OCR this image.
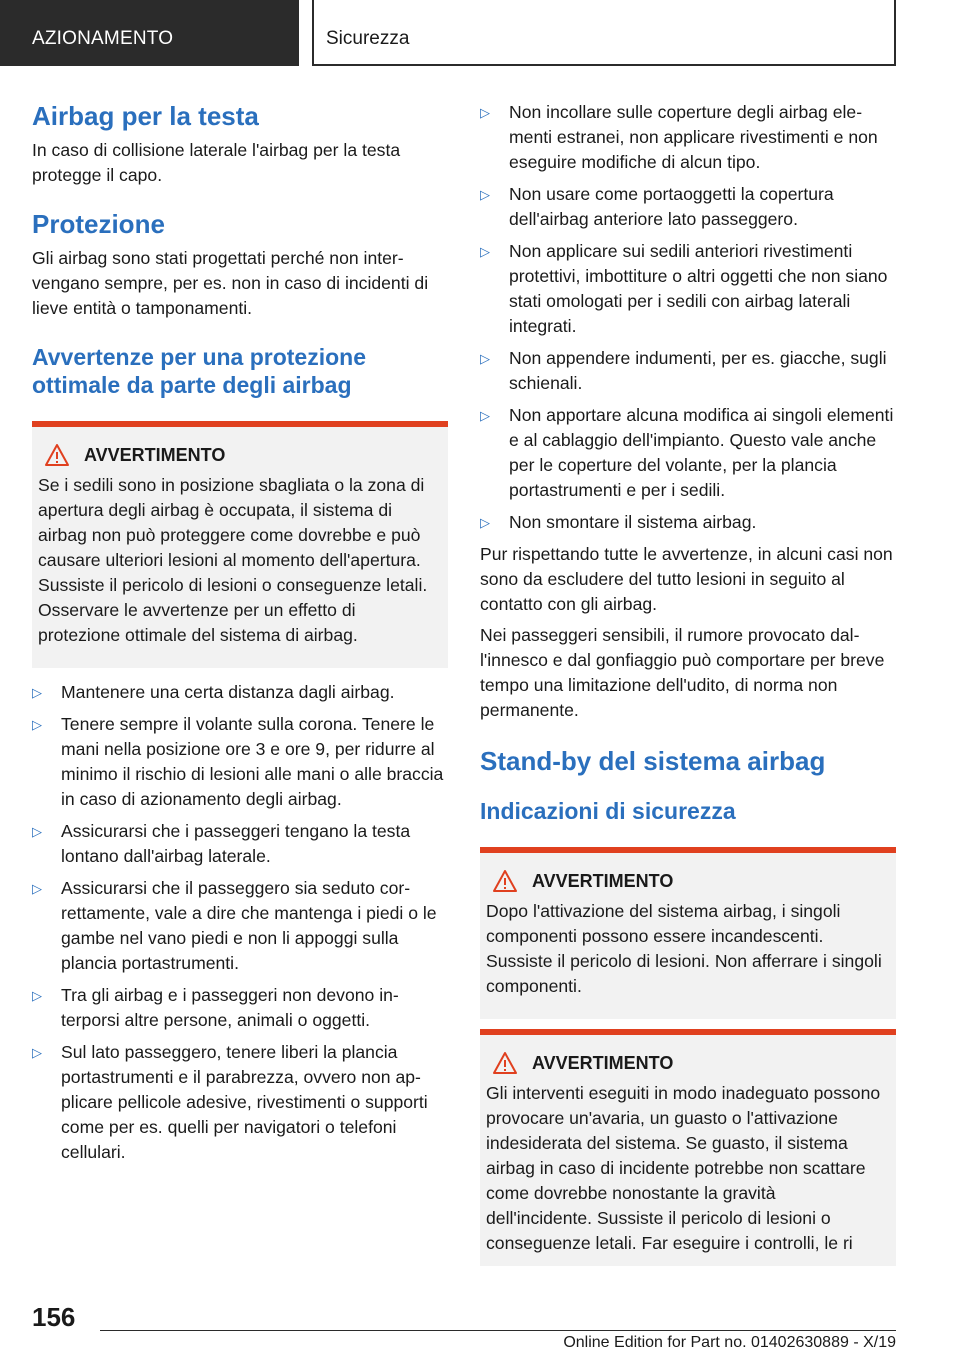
AZIONAMENTO	Sicurezza
Airbag per la testa

In caso di collisione laterale l'airbag per la testa protegge il capo.

Protezione

Gli airbag sono stati progettati perché non intervengano sempre, per es. non in caso di incidenti di lieve entità o tamponamenti.

Avvertenze per una protezione ottimale da parte degli airbag
AVVERTIMENTO

Se i sedili sono in posizione sbagliata o la zona di apertura degli airbag è occupata, il sistema di airbag non può proteggere come dovrebbe e può causare ulteriori lesioni al momento dell'apertura. Sussiste il pericolo di lesioni o conseguenze letali. Osservare le avvertenze per un effetto di protezione ottimale del sistema di airbag.

▷ Mantenere una certa distanza dagli airbag.
▷ Tenere sempre il volante sulla corona. Tenere le mani nella posizione ore 3 e ore 9, per ridurre al minimo il rischio di lesioni alle mani o alle braccia in caso di azionamento degli airbag.
▷ Assicurarsi che i passeggeri tengano la testa lontano dall'airbag laterale.
▷ Assicurarsi che il passeggero sia seduto correttamente, vale a dire che mantenga i piedi o le gambe nel vano piedi e non li appoggi sulla plancia portastrumenti.
▷ Tra gli airbag e i passeggeri non devono interporsi altre persone, animali o oggetti.
▷ Sul lato passeggero, tenere liberi la plancia portastrumenti e il parabrezza, ovvero non applicare pellicole adesive, rivestimenti o supporti come per es. quelli per navigatori o telefoni cellulari.
▷ Non incollare sulle coperture degli airbag elementi estranei, non applicare rivestimenti e non eseguire modifiche di alcun tipo.
▷ Non usare come portaoggetti la copertura dell'airbag anteriore lato passeggero.
▷ Non applicare sui sedili anteriori rivestimenti protettivi, imbottiture o altri oggetti che non siano stati omologati per i sedili con airbag laterali integrati.
▷ Non appendere indumenti, per es. giacche, sugli schienali.
▷ Non apportare alcuna modifica ai singoli elementi e al cablaggio dell'impianto. Questo vale anche per le coperture del volante, per la plancia portastrumenti e per i sedili.
▷ Non smontare il sistema airbag.

Pur rispettando tutte le avvertenze, in alcuni casi non sono da escludere del tutto lesioni in seguito al contatto con gli airbag.

Nei passeggeri sensibili, il rumore provocato dall'innesco e dal gonfiaggio può comportare per breve tempo una limitazione dell'udito, di norma non permanente.

Stand-by del sistema airbag
Indicazioni di sicurezza
AVVERTIMENTO

Dopo l'attivazione del sistema airbag, i singoli componenti possono essere incandescenti. Sussiste il pericolo di lesioni. Non afferrare i singoli componenti.

AVVERTIMENTO

Gli interventi eseguiti in modo inadeguato possono provocare un'avaria, un guasto o l'attivazione indesiderata del sistema. Se guasto, il sistema airbag in caso di incidente potrebbe non scattare come dovrebbe nonostante la gravità dell'incidente. Sussiste il pericolo di lesioni o conseguenze letali. Far eseguire i controlli, le ri

156
Online Edition for Part no. 01402630889 - X/19
